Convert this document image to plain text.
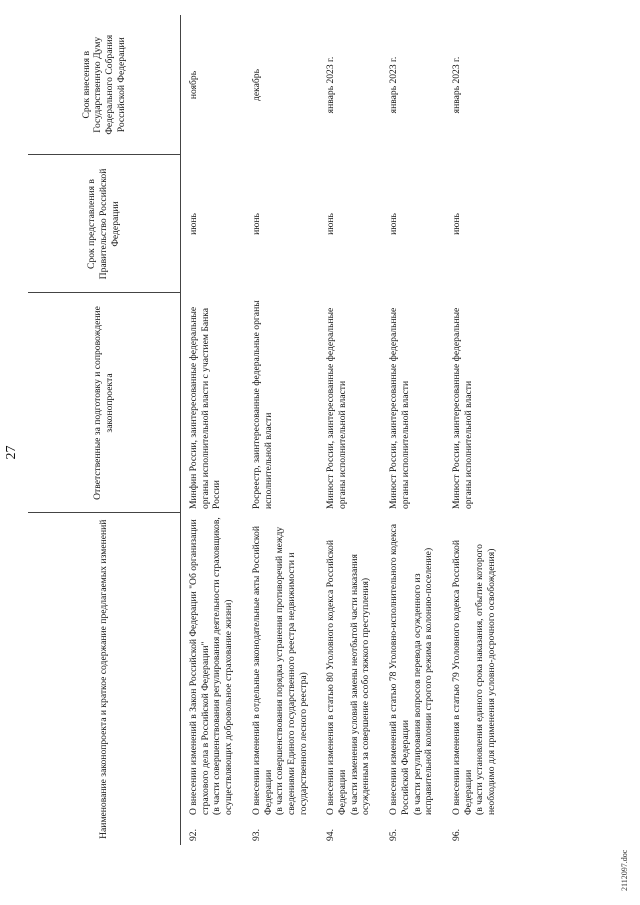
27
Наименование законопроекта и краткое содержание предлагаемых изменений		Ответственные за подготовку и сопровождение законопроекта	Срок представления в Правительство Российской Федерации	Срок внесения в Государственную Думу Федерального Собрания Российской Федерации
92.	О внесении изменений в Закон Российской Федерации "Об организации страхового дела в Российской Федерации" (в части совершенствования регулирования деятельности страховщиков, осуществляющих добровольное страхование жизни)	Минфин России, заинтересованные федеральные органы исполнительной власти с участием Банка России	июнь	ноябрь
93.	О внесении изменений в отдельные законодательные акты Российской Федерации (в части совершенствования порядка устранения противоречий между сведениями Единого государственного реестра недвижимости и государственного лесного реестра)	Росреестр, заинтересованные федеральные органы исполнительной власти	июнь	декабрь
94.	О внесении изменения в статью 80 Уголовного кодекса Российской Федерации (в части изменения условий замены неотбытой части наказания осужденным за совершение особо тяжкого преступления)	Минюст России, заинтересованные федеральные органы исполнительной власти	июнь	январь 2023 г.
95.	О внесении изменений в статью 78 Уголовно-исполнительного кодекса Российской Федерации (в части регулирования вопросов перевода осужденного из исправительной колонии строгого режима в колонию-поселение)	Минюст России, заинтересованные федеральные органы исполнительной власти	июнь	январь 2023 г.
96.	О внесении изменения в статью 79 Уголовного кодекса Российской Федерации (в части установления единого срока наказания, отбытие которого необходимо для применения условно-досрочного освобождения)	Минюст России, заинтересованные федеральные органы исполнительной власти	июнь	январь 2023 г.
2112097.doc
